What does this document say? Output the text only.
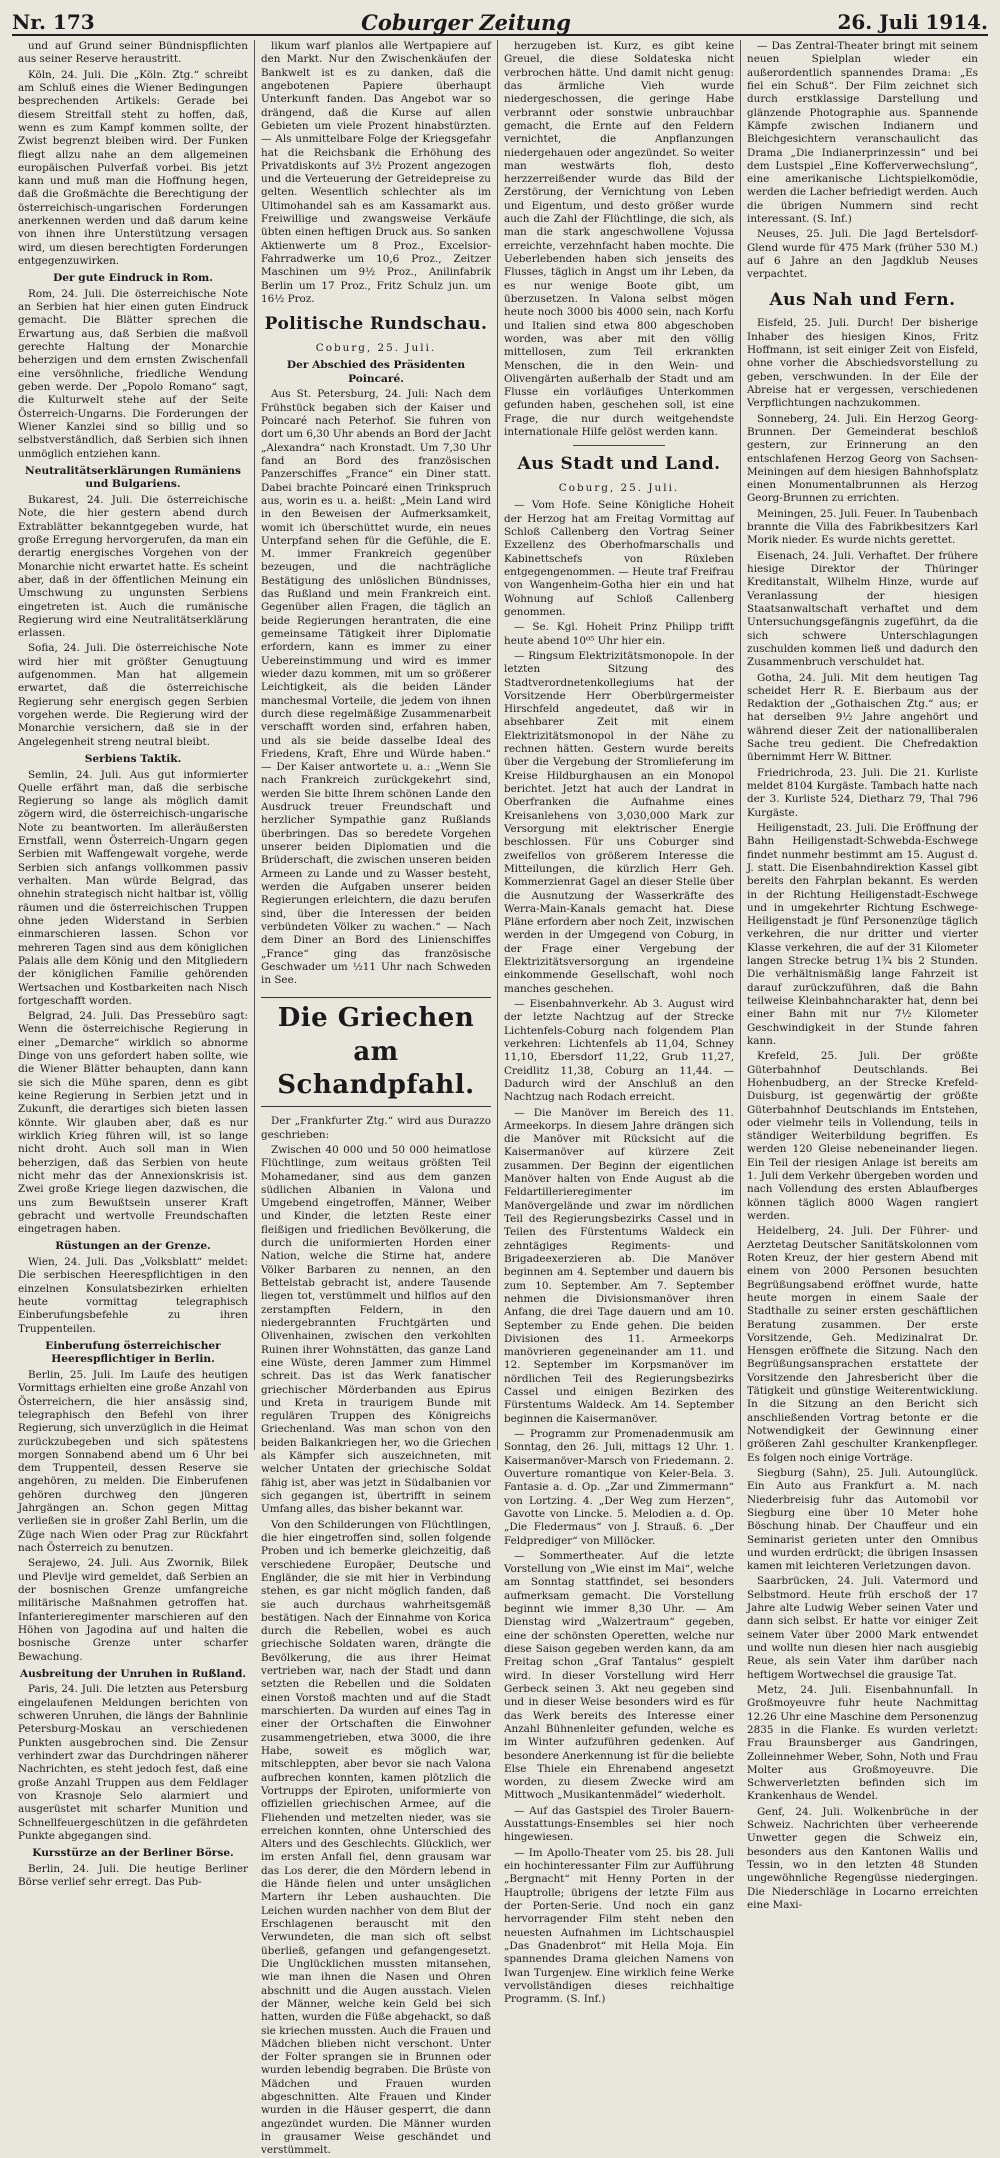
Nr. 173	Coburger Zeitung	26. Juli 1914.

und auf Grund seiner Bündnispflichten aus seiner Reserve heraustritt.

Köln, 24. Juli. Die „Köln. Ztg.“ schreibt am Schluß eines die Wiener Bedingungen besprechenden Artikels: Gerade bei diesem Streitfall steht zu hoffen, daß, wenn es zum Kampf kommen sollte, der Zwist begrenzt bleiben wird. Der Funken fliegt allzu nahe an dem allgemeinen europäischen Pulverfaß vorbei. Bis jetzt kann und muß man die Hoffnung hegen, daß die Großmächte die Berechtigung der österreichisch-ungarischen Forderungen anerkennen werden und daß darum keine von ihnen ihre Unterstützung versagen wird, um diesen berechtigten Forderungen entgegenzuwirken.

Der gute Eindruck in Rom.

Rom, 24. Juli. Die österreichische Note an Serbien hat hier einen guten Eindruck gemacht. Die Blätter sprechen die Erwartung aus, daß Serbien die maßvoll gerechte Haltung der Monarchie beherzigen und dem ernsten Zwischenfall eine versöhnliche, friedliche Wendung geben werde. Der „Popolo Romano“ sagt, die Kulturwelt stehe auf der Seite Österreich-Ungarns. Die Forderungen der Wiener Kanzlei sind so billig und so selbstverständlich, daß Serbien sich ihnen unmöglich entziehen kann.

Neutralitätserklärungen Rumäniens und Bulgariens.

Bukarest, 24. Juli. Die österreichische Note, die hier gestern abend durch Extrablätter bekanntgegeben wurde, hat große Erregung hervorgerufen, da man ein derartig energisches Vorgehen von der Monarchie nicht erwartet hatte. Es scheint aber, daß in der öffentlichen Meinung ein Umschwung zu ungunsten Serbiens eingetreten ist. Auch die rumänische Regierung wird eine Neutralitätserklärung erlassen.

Sofia, 24. Juli. Die österreichische Note wird hier mit größter Genugtuung aufgenommen. Man hat allgemein erwartet, daß die österreichische Regierung sehr energisch gegen Serbien vorgehen werde. Die Regierung wird der Monarchie versichern, daß sie in der Angelegenheit streng neutral bleibt.

Serbiens Taktik.

Semlin, 24. Juli. Aus gut informierter Quelle erfährt man, daß die serbische Regierung so lange als möglich damit zögern wird, die österreichisch-ungarische Note zu beantworten. Im alleräußersten Ernstfall, wenn Österreich-Ungarn gegen Serbien mit Waffengewalt vorgehe, werde Serbien sich anfangs vollkommen passiv verhalten. Man würde Belgrad, das ohnehin strategisch nicht haltbar ist, völlig räumen und die österreichischen Truppen ohne jeden Widerstand in Serbien einmarschieren lassen. Schon vor mehreren Tagen sind aus dem königlichen Palais alle dem König und den Mitgliedern der königlichen Familie gehörenden Wertsachen und Kostbarkeiten nach Nisch fortgeschafft worden.

Belgrad, 24. Juli. Das Pressebüro sagt: Wenn die österreichische Regierung in einer „Demarche“ wirklich so abnorme Dinge von uns gefordert haben sollte, wie die Wiener Blätter behaupten, dann kann sie sich die Mühe sparen, denn es gibt keine Regierung in Serbien jetzt und in Zukunft, die derartiges sich bieten lassen könnte. Wir glauben aber, daß es nur wirklich Krieg führen will, ist so lange nicht droht. Auch soll man in Wien beherzigen, daß das Serbien von heute nicht mehr das der Annexionskrisis ist. Zwei große Kriege liegen dazwischen, die uns zum Bewußtsein unserer Kraft gebracht und wertvolle Freundschaften eingetragen haben.

Rüstungen an der Grenze.

Wien, 24. Juli. Das „Volksblatt“ meldet: Die serbischen Heerespflichtigen in den einzelnen Konsulatsbezirken erhielten heute vormittag telegraphisch Einberufungsbefehle zu ihren Truppenteilen.

Einberufung österreichischer Heerespflichtiger in Berlin.

Berlin, 25. Juli. Im Laufe des heutigen Vormittags erhielten eine große Anzahl von Österreichern, die hier ansässig sind, telegraphisch den Befehl von ihrer Regierung, sich unverzüglich in die Heimat zurückzubegeben und sich spätestens morgen Sonnabend abend um 6 Uhr bei dem Truppenteil, dessen Reserve sie angehören, zu melden. Die Einberufenen gehören durchweg den jüngeren Jahrgängen an. Schon gegen Mittag verließen sie in großer Zahl Berlin, um die Züge nach Wien oder Prag zur Rückfahrt nach Österreich zu benutzen.

Serajewo, 24. Juli. Aus Zwornik, Bilek und Plevlje wird gemeldet, daß Serbien an der bosnischen Grenze umfangreiche militärische Maßnahmen getroffen hat. Infanterieregimenter marschieren auf den Höhen von Jagodina auf und halten die bosnische Grenze unter scharfer Bewachung.

Ausbreitung der Unruhen in Rußland.

Paris, 24. Juli. Die letzten aus Petersburg eingelaufenen Meldungen berichten von schweren Unruhen, die längs der Bahnlinie Petersburg-Moskau an verschiedenen Punkten ausgebrochen sind. Die Zensur verhindert zwar das Durchdringen näherer Nachrichten, es steht jedoch fest, daß eine große Anzahl Truppen aus dem Feldlager von Krasnoje Selo alarmiert und ausgerüstet mit scharfer Munition und Schnellfeuergeschützen in die gefährdeten Punkte abgegangen sind.

Kursstürze an der Berliner Börse.

Berlin, 24. Juli. Die heutige Berliner Börse verlief sehr erregt. Das Pub-

likum warf planlos alle Wertpapiere auf den Markt. Nur den Zwischenkäufen der Bankwelt ist es zu danken, daß die angebotenen Papiere überhaupt Unterkunft fanden. Das Angebot war so drängend, daß die Kurse auf allen Gebieten um viele Prozent hinabstürzten. — Als unmittelbare Folge der Kriegsgefahr hat die Reichsbank die Erhöhung des Privatdiskonts auf 3½ Prozent angezogen und die Verteuerung der Getreidepreise zu gelten. Wesentlich schlechter als im Ultimohandel sah es am Kassamarkt aus. Freiwillige und zwangsweise Verkäufe übten einen heftigen Druck aus. So sanken Aktienwerte um 8 Proz., Excelsior-Fahrradwerke um 10,6 Proz., Zeitzer Maschinen um 9½ Proz., Anilinfabrik Berlin um 17 Proz., Fritz Schulz jun. um 16½ Proz.

Politische Rundschau.
Coburg, 25. Juli.
Der Abschied des Präsidenten Poincaré.

Aus St. Petersburg, 24. Juli: Nach dem Frühstück begaben sich der Kaiser und Poincaré nach Peterhof. Sie fuhren von dort um 6,30 Uhr abends an Bord der Jacht „Alexandra“ nach Kronstadt. Um 7,30 Uhr fand an Bord des französischen Panzerschiffes „France“ ein Diner statt. Dabei brachte Poincaré einen Trinkspruch aus, worin es u. a. heißt: „Mein Land wird in den Beweisen der Aufmerksamkeit, womit ich überschüttet wurde, ein neues Unterpfand sehen für die Gefühle, die E. M. immer Frankreich gegenüber bezeugen, und die nachträgliche Bestätigung des unlöslichen Bündnisses, das Rußland und mein Frankreich eint. Gegenüber allen Fragen, die täglich an beide Regierungen herantraten, die eine gemeinsame Tätigkeit ihrer Diplomatie erfordern, kann es immer zu einer Uebereinstimmung und wird es immer wieder dazu kommen, mit um so größerer Leichtigkeit, als die beiden Länder manchesmal Vorteile, die jedem von ihnen durch diese regelmäßige Zusammenarbeit verschafft worden sind, erfahren haben, und als sie beide dasselbe Ideal des Friedens, Kraft, Ehre und Würde haben.“ — Der Kaiser antwortete u. a.: „Wenn Sie nach Frankreich zurückgekehrt sind, werden Sie bitte Ihrem schönen Lande den Ausdruck treuer Freundschaft und herzlicher Sympathie ganz Rußlands überbringen. Das so beredete Vorgehen unserer beiden Diplomatien und die Brüderschaft, die zwischen unseren beiden Armeen zu Lande und zu Wasser besteht, werden die Aufgaben unserer beiden Regierungen erleichtern, die dazu berufen sind, über die Interessen der beiden verbündeten Völker zu wachen.“ — Nach dem Diner an Bord des Linienschiffes „France“ ging das französische Geschwader um ½11 Uhr nach Schweden in See.

Die Griechen am Schandpfahl.

Der „Frankfurter Ztg.“ wird aus Durazzo geschrieben:

Zwischen 40 000 und 50 000 heimatlose Flüchtlinge, zum weitaus größten Teil Mohamedaner, sind aus dem ganzen südlichen Albanien in Valona und Umgebend eingetroffen, Männer, Weiber und Kinder, die letzten Reste einer fleißigen und friedlichen Bevölkerung, die durch die uniformierten Horden einer Nation, welche die Stirne hat, andere Völker Barbaren zu nennen, an den Bettelstab gebracht ist, andere Tausende liegen tot, verstümmelt und hilflos auf den zerstampften Feldern, in den niedergebrannten Fruchtgärten und Olivenhainen, zwischen den verkohlten Ruinen ihrer Wohnstätten, das ganze Land eine Wüste, deren Jammer zum Himmel schreit. Das ist das Werk fanatischer griechischer Mörderbanden aus Epirus und Kreta in traurigem Bunde mit regulären Truppen des Königreichs Griechenland. Was man schon von den beiden Balkankriegen her, wo die Griechen als Kämpfer sich auszeichneten, mit welcher Untaten der griechische Soldat fähig ist, aber was jetzt in Südalbanien vor sich gegangen ist, übertrifft in seinem Umfang alles, das bisher bekannt war.

Von den Schilderungen von Flüchtlingen, die hier eingetroffen sind, sollen folgende Proben und ich bemerke gleichzeitig, daß verschiedene Europäer, Deutsche und Engländer, die sie mit hier in Verbindung stehen, es gar nicht möglich fanden, daß sie auch durchaus wahrheitsgemäß bestätigen. Nach der Einnahme von Korica durch die Rebellen, wobei es auch griechische Soldaten waren, drängte die Bevölkerung, die aus ihrer Heimat vertrieben war, nach der Stadt und dann setzten die Rebellen und die Soldaten einen Vorstoß machten und auf die Stadt marschierten. Da wurden auf eines Tag in einer der Ortschaften die Einwohner zusammengetrieben, etwa 3000, die ihre Habe, soweit es möglich war, mitschleppten, aber bevor sie nach Valona aufbrechen konnten, kamen plötzlich die Vortrupps der Epiroten, uniformierte von offiziellen griechischen Armee, auf die Fliehenden und metzelten nieder, was sie erreichen konnten, ohne Unterschied des Alters und des Geschlechts. Glücklich, wer im ersten Anfall fiel, denn grausam war das Los derer, die den Mördern lebend in die Hände fielen und unter unsäglichen Martern ihr Leben aushauchten. Die Leichen wurden nachher von dem Blut der Erschlagenen berauscht mit den Verwundeten, die man sich oft selbst überließ, gefangen und gefangengesetzt. Die Unglücklichen mussten mitansehen, wie man ihnen die Nasen und Ohren abschnitt und die Augen ausstach. Vielen der Männer, welche kein Geld bei sich hatten, wurden die Füße abgehackt, so daß sie kriechen mussten. Auch die Frauen und Mädchen blieben nicht verschont. Unter der Folter sprangen sie in Brunnen oder wurden lebendig begraben. Die Brüste von Mädchen und Frauen wurden abgeschnitten. Alte Frauen und Kinder wurden in die Häuser gesperrt, die dann angezündet wurden. Die Männer wurden in grausamer Weise geschändet und verstümmelt.

herzugeben ist. Kurz, es gibt keine Greuel, die diese Soldateska nicht verbrochen hätte. Und damit nicht genug: das ärmliche Vieh wurde niedergeschossen, die geringe Habe verbrannt oder sonstwie unbrauchbar gemacht, die Ernte auf den Feldern vernichtet, die Anpflanzungen niedergehauen oder angezündet. So weiter man westwärts floh, desto herzzerreißender wurde das Bild der Zerstörung, der Vernichtung von Leben und Eigentum, und desto größer wurde auch die Zahl der Flüchtlinge, die sich, als man die stark angeschwollene Vojussa erreichte, verzehnfacht haben mochte. Die Ueberlebenden haben sich jenseits des Flusses, täglich in Angst um ihr Leben, da es nur wenige Boote gibt, um überzusetzen. In Valona selbst mögen heute noch 3000 bis 4000 sein, nach Korfu und Italien sind etwa 800 abgeschoben worden, was aber mit den völlig mittellosen, zum Teil erkrankten Menschen, die in den Wein- und Olivengärten außerhalb der Stadt und am Flusse ein vorläufiges Unterkommen gefunden haben, geschehen soll, ist eine Frage, die nur durch weitgehendste internationale Hilfe gelöst werden kann.

Aus Stadt und Land.
Coburg, 25. Juli.

— Vom Hofe. Seine Königliche Hoheit der Herzog hat am Freitag Vormittag auf Schloß Callenberg den Vortrag Seiner Exzellenz des Oberhofmarschalls und Kabinettschefs von Rüxleben entgegengenommen. — Heute traf Freifrau von Wangenheim-Gotha hier ein und hat Wohnung auf Schloß Callenberg genommen.

— Se. Kgl. Hoheit Prinz Philipp trifft heute abend 10⁰⁵ Uhr hier ein.

— Ringsum Elektrizitätsmonopole. In der letzten Sitzung des Stadtverordnetenkollegiums hat der Vorsitzende Herr Oberbürgermeister Hirschfeld angedeutet, daß wir in absehbarer Zeit mit einem Elektrizitätsmonopol in der Nähe zu rechnen hätten. Gestern wurde bereits über die Vergebung der Stromlieferung im Kreise Hildburghausen an ein Monopol berichtet. Jetzt hat auch der Landrat in Oberfranken die Aufnahme eines Kreisanlehens von 3,030,000 Mark zur Versorgung mit elektrischer Energie beschlossen. Für uns Coburger sind zweifellos von größerem Interesse die Mitteilungen, die kürzlich Herr Geh. Kommerzienrat Gagel an dieser Stelle über die Ausnutzung der Wasserkräfte des Werra-Main-Kanals gemacht hat. Diese Pläne erfordern aber noch Zeit, inzwischen werden in der Umgegend von Coburg, in der Frage einer Vergebung der Elektrizitätsversorgung an irgendeine einkommende Gesellschaft, wohl noch manches geschehen.

— Eisenbahnverkehr. Ab 3. August wird der letzte Nachtzug auf der Strecke Lichtenfels-Coburg nach folgendem Plan verkehren: Lichtenfels ab 11,04, Schney 11,10, Ebersdorf 11,22, Grub 11,27, Creidlitz 11,38, Coburg an 11,44. — Dadurch wird der Anschluß an den Nachtzug nach Rodach erreicht.

— Die Manöver im Bereich des 11. Armeekorps. In diesem Jahre drängen sich die Manöver mit Rücksicht auf die Kaisermanöver auf kürzere Zeit zusammen. Der Beginn der eigentlichen Manöver halten von Ende August ab die Feldartillerieregimenter im Manövergelände und zwar im nördlichen Teil des Regierungsbezirks Cassel und in Teilen des Fürstentums Waldeck ein zehntägiges Regiments- und Brigadeexerzieren ab. Die Manöver beginnen am 4. September und dauern bis zum 10. September. Am 7. September nehmen die Divisionsmanöver ihren Anfang, die drei Tage dauern und am 10. September zu Ende gehen. Die beiden Divisionen des 11. Armeekorps manövrieren gegeneinander am 11. und 12. September im Korpsmanöver im nördlichen Teil des Regierungsbezirks Cassel und einigen Bezirken des Fürstentums Waldeck. Am 14. September beginnen die Kaisermanöver.

— Programm zur Promenadenmusik am Sonntag, den 26. Juli, mittags 12 Uhr. 1. Kaisermanöver-Marsch von Friedemann. 2. Ouverture romantique von Keler-Bela. 3. Fantasie a. d. Op. „Zar und Zimmermann“ von Lortzing. 4. „Der Weg zum Herzen“, Gavotte von Lincke. 5. Melodien a. d. Op. „Die Fledermaus“ von J. Strauß. 6. „Der Feldprediger“ von Millöcker.

— Sommertheater. Auf die letzte Vorstellung von „Wie einst im Mai“, welche am Sonntag stattfindet, sei besonders aufmerksam gemacht. Die Vorstellung beginnt wie immer 8,30 Uhr. — Am Dienstag wird „Walzertraum“ gegeben, eine der schönsten Operetten, welche nur diese Saison gegeben werden kann, da am Freitag schon „Graf Tantalus“ gespielt wird. In dieser Vorstellung wird Herr Gerbeck seinen 3. Akt neu gegeben sind und in dieser Weise besonders wird es für das Werk bereits des Interesse einer Anzahl Bühnenleiter gefunden, welche es im Winter aufzuführen gedenken. Auf besondere Anerkennung ist für die beliebte Else Thiele ein Ehrenabend angesetzt worden, zu diesem Zwecke wird am Mittwoch „Musikantenmädel“ wiederholt.

— Auf das Gastspiel des Tiroler Bauern-Ausstattungs-Ensembles sei hier noch hingewiesen.

— Im Apollo-Theater vom 25. bis 28. Juli ein hochinteressanter Film zur Aufführung „Bergnacht“ mit Henny Porten in der Hauptrolle; übrigens der letzte Film aus der Porten-Serie. Und noch ein ganz hervorragender Film steht neben den neuesten Aufnahmen im Lichtschauspiel „Das Gnadenbrot“ mit Hella Moja. Ein spannendes Drama gleichen Namens von Iwan Turgenjew. Eine wirklich feine Werke vervollständigen dieses reichhaltige Programm. (S. Inf.)

— Das Zentral-Theater bringt mit seinem neuen Spielplan wieder ein außerordentlich spannendes Drama: „Es fiel ein Schuß“. Der Film zeichnet sich durch erstklassige Darstellung und glänzende Photographie aus. Spannende Kämpfe zwischen Indianern und Bleichgesichtern veranschaulicht das Drama „Die Indianerprinzessin“ und bei dem Lustspiel „Eine Kofferverwechslung“, eine amerikanische Lichtspielkomödie, werden die Lacher befriedigt werden. Auch die übrigen Nummern sind recht interessant. (S. Inf.)

Neuses, 25. Juli. Die Jagd Bertelsdorf-Glend wurde für 475 Mark (früher 530 M.) auf 6 Jahre an den Jagdklub Neuses verpachtet.

Aus Nah und Fern.

Eisfeld, 25. Juli. Durch! Der bisherige Inhaber des hiesigen Kinos, Fritz Hoffmann, ist seit einiger Zeit von Eisfeld, ohne vorher die Abschiedsvorstellung zu geben, verschwunden. In der Eile der Abreise hat er vergessen, verschiedenen Verpflichtungen nachzukommen.

Sonneberg, 24. Juli. Ein Herzog Georg-Brunnen. Der Gemeinderat beschloß gestern, zur Erinnerung an den entschlafenen Herzog Georg von Sachsen-Meiningen auf dem hiesigen Bahnhofsplatz einen Monumentalbrunnen als Herzog Georg-Brunnen zu errichten.

Meiningen, 25. Juli. Feuer. In Taubenbach brannte die Villa des Fabrikbesitzers Karl Morik nieder. Es wurde nichts gerettet.

Eisenach, 24. Juli. Verhaftet. Der frühere hiesige Direktor der Thüringer Kreditanstalt, Wilhelm Hinze, wurde auf Veranlassung der hiesigen Staatsanwaltschaft verhaftet und dem Untersuchungsgefängnis zugeführt, da die sich schwere Unterschlagungen zuschulden kommen ließ und dadurch den Zusammenbruch verschuldet hat.

Gotha, 24. Juli. Mit dem heutigen Tag scheidet Herr R. E. Bierbaum aus der Redaktion der „Gothaischen Ztg.“ aus; er hat derselben 9½ Jahre angehört und während dieser Zeit der nationalliberalen Sache treu gedient. Die Chefredaktion übernimmt Herr W. Bittner.

Friedrichroda, 23. Juli. Die 21. Kurliste meldet 8104 Kurgäste. Tambach hatte nach der 3. Kurliste 524, Dietharz 79, Thal 796 Kurgäste.

Heiligenstadt, 23. Juli. Die Eröffnung der Bahn Heiligenstadt-Schwebda-Eschwege findet nunmehr bestimmt am 15. August d. J. statt. Die Eisenbahndirektion Kassel gibt bereits den Fahrplan bekannt. Es werden in der Richtung Heiligenstadt-Eschwege und in umgekehrter Richtung Eschwege-Heiligenstadt je fünf Personenzüge täglich verkehren, die nur dritter und vierter Klasse verkehren, die auf der 31 Kilometer langen Strecke betrug 1¾ bis 2 Stunden. Die verhältnismäßig lange Fahrzeit ist darauf zurückzuführen, daß die Bahn teilweise Kleinbahncharakter hat, denn bei einer Bahn mit nur 7½ Kilometer Geschwindigkeit in der Stunde fahren kann.

Krefeld, 25. Juli. Der größte Güterbahnhof Deutschlands. Bei Hohenbudberg, an der Strecke Krefeld-Duisburg, ist gegenwärtig der größte Güterbahnhof Deutschlands im Entstehen, oder vielmehr teils in Vollendung, teils in ständiger Weiterbildung begriffen. Es werden 120 Gleise nebeneinander liegen. Ein Teil der riesigen Anlage ist bereits am 1. Juli dem Verkehr übergeben worden und nach Vollendung des ersten Ablaufberges können täglich 8000 Wagen rangiert werden.

Heidelberg, 24. Juli. Der Führer- und Aerztetag Deutscher Sanitätskolonnen vom Roten Kreuz, der hier gestern Abend mit einem von 2000 Personen besuchten Begrüßungsabend eröffnet wurde, hatte heute morgen in einem Saale der Stadthalle zu seiner ersten geschäftlichen Beratung zusammen. Der erste Vorsitzende, Geh. Medizinalrat Dr. Hensgen eröffnete die Sitzung. Nach den Begrüßungsansprachen erstattete der Vorsitzende den Jahresbericht über die Tätigkeit und günstige Weiterentwicklung. In die Sitzung an den Bericht sich anschließenden Vortrag betonte er die Notwendigkeit der Gewinnung einer größeren Zahl geschulter Krankenpfleger. Es folgen noch einige Vorträge.

Siegburg (Sahn), 25. Juli. Autounglück. Ein Auto aus Frankfurt a. M. nach Niederbreisig fuhr das Automobil vor Siegburg eine über 10 Meter hohe Böschung hinab. Der Chauffeur und ein Seminarist gerieten unter den Omnibus und wurden erdrückt; die übrigen Insassen kamen mit leichteren Verletzungen davon.

Saarbrücken, 24. Juli. Vatermord und Selbstmord. Heute früh erschoß der 17 Jahre alte Ludwig Weber seinen Vater und dann sich selbst. Er hatte vor einiger Zeit seinem Vater über 2000 Mark entwendet und wollte nun diesen hier nach ausgiebig Reue, als sein Vater ihm darüber nach heftigem Wortwechsel die grausige Tat.

Metz, 24. Juli. Eisenbahnunfall. In Großmoyeuvre fuhr heute Nachmittag 12.26 Uhr eine Maschine dem Personenzug 2835 in die Flanke. Es wurden verletzt: Frau Braunsberger aus Gandringen, Zolleinnehmer Weber, Sohn, Noth und Frau Molter aus Großmoyeuvre. Die Schwerverletzten befinden sich im Krankenhaus de Wendel.

Genf, 24. Juli. Wolkenbrüche in der Schweiz. Nachrichten über verheerende Unwetter gegen die Schweiz ein, besonders aus den Kantonen Wallis und Tessin, wo in den letzten 48 Stunden ungewöhnliche Regengüsse niedergingen. Die Niederschläge in Locarno erreichten eine Maxi-
